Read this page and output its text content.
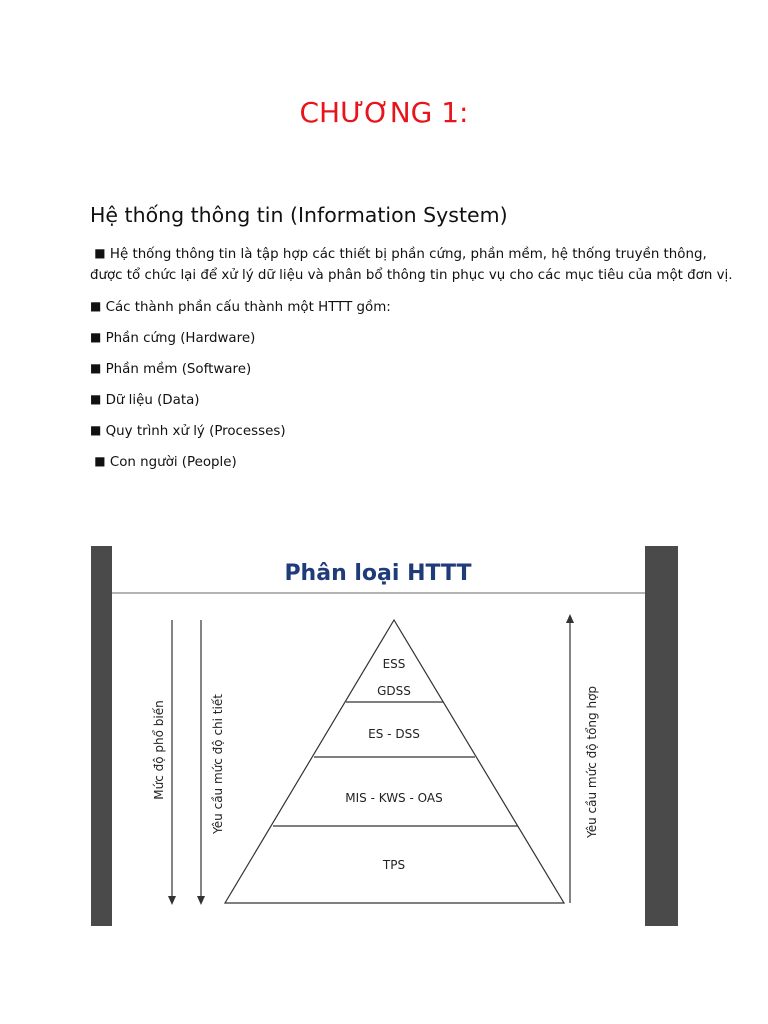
CHƯƠNG 1:
Hệ thống thông tin (Information System)

■ Hệ thống thông tin là tập hợp các thiết bị phần cứng, phần mềm, hệ thống truyền thông,

được tổ chức lại để xử lý dữ liệu và phân bổ thông tin phục vụ cho các mục tiêu của một đơn vị.

■ Các thành phần cấu thành một HTTT gồm:
■ Phần cứng (Hardware)
■ Phần mềm (Software)
■ Dữ liệu (Data)
■ Quy trình xử lý (Processes)
■ Con người (People)
Phân loại HTTT
ESS
GDSS
ES - DSS
MIS - KWS - OAS
TPS
Mức độ phổ biến	Yêu cầu mức độ chi tiết	Yêu cầu mức độ tổng hợp
